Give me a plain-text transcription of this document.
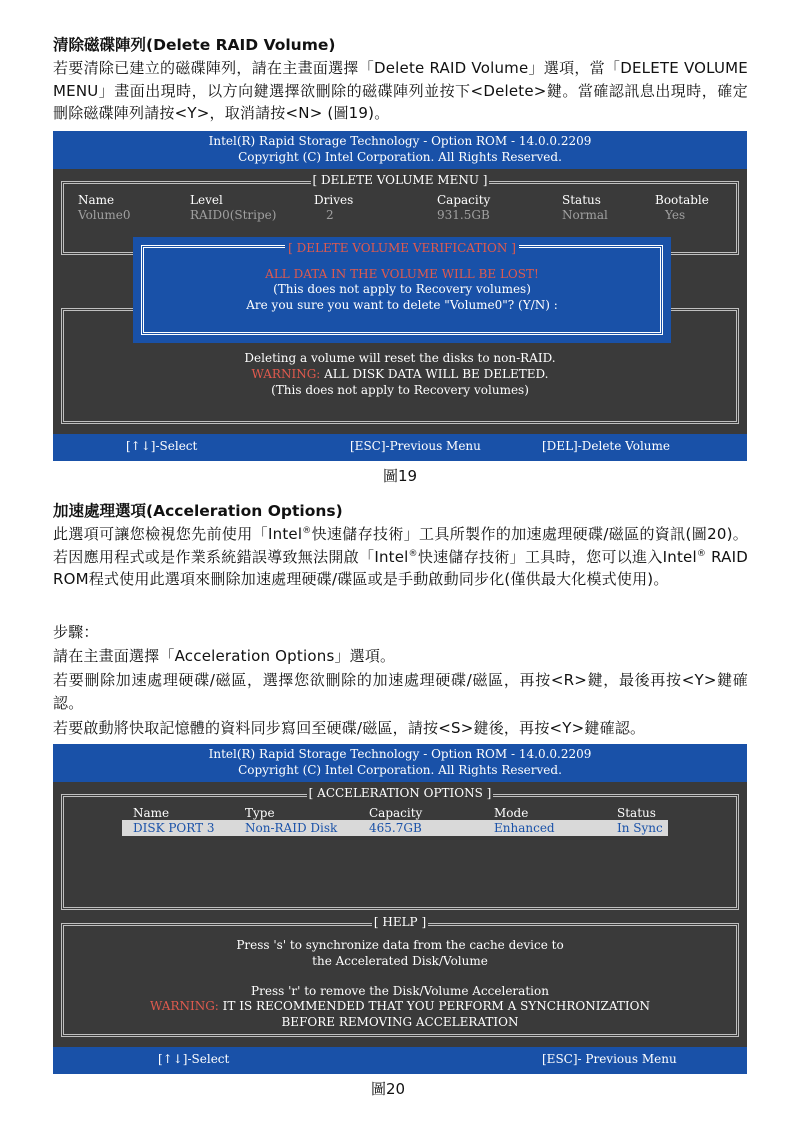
清除磁碟陣列(Delete RAID Volume)

若要清除已建立的磁碟陣列，請在主畫面選擇「Delete RAID Volume」選項，當「DELETE VOLUME MENU」畫面出現時，以方向鍵選擇欲刪除的磁碟陣列並按下<Delete>鍵。當確認訊息出現時，確定刪除磁碟陣列請按<Y>，取消請按<N> (圖19)。

Intel(R) Rapid Storage Technology - Option ROM - 14.0.0.2209
Copyright (C) Intel Corporation. All Rights Reserved.
[ DELETE VOLUME MENU ]
Name	Level	Drives	Capacity	Status	Bootable
Volume0	RAID0(Stripe)	2	931.5GB	Normal	Yes
Deleting a volume will reset the disks to non-RAID.
WARNING: ALL DISK DATA WILL BE DELETED.
(This does not apply to Recovery volumes)
[ DELETE VOLUME VERIFICATION ]
ALL DATA IN THE VOLUME WILL BE LOST!
(This does not apply to Recovery volumes)
Are you sure you want to delete "Volume0"? (Y/N) :
[↑↓]-Select	[ESC]-Previous Menu	[DEL]-Delete Volume
圖19

加速處理選項(Acceleration Options)

此選項可讓您檢視您先前使用「Intel®快速儲存技術」工具所製作的加速處理硬碟/磁區的資訊(圖20)。若因應用程式或是作業系統錯誤導致無法開啟「Intel®快速儲存技術」工具時，您可以進入Intel® RAID ROM程式使用此選項來刪除加速處理硬碟/碟區或是手動啟動同步化(僅供最大化模式使用)。

步驟：

請在主畫面選擇「Acceleration Options」選項。

若要刪除加速處理硬碟/磁區，選擇您欲刪除的加速處理硬碟/磁區，再按<R>鍵，最後再按<Y>鍵確認。

若要啟動將快取記憶體的資料同步寫回至硬碟/磁區，請按<S>鍵後，再按<Y>鍵確認。

Intel(R) Rapid Storage Technology - Option ROM - 14.0.0.2209
Copyright (C) Intel Corporation. All Rights Reserved.
[ ACCELERATION OPTIONS ]
Name	Type	Capacity	Mode	Status
DISK PORT 3	Non-RAID Disk	465.7GB	Enhanced	In Sync
[ HELP ]
Press 's' to synchronize data from the cache device to
the Accelerated Disk/Volume
Press 'r' to remove the Disk/Volume Acceleration
WARNING: IT IS RECOMMENDED THAT YOU PERFORM A SYNCHRONIZATION
BEFORE REMOVING ACCELERATION
[↑↓]-Select	[ESC]- Previous Menu
圖20
